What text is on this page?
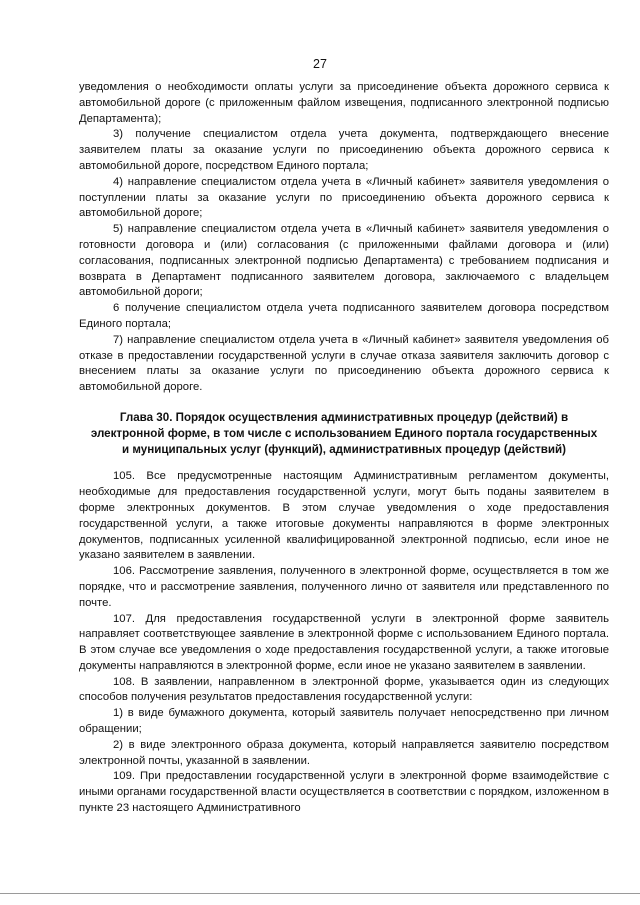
27

уведомления о необходимости оплаты услуги за присоединение объекта дорожного сервиса к автомобильной дороге (с приложенным файлом извещения, подписанного электронной подписью Департамента);

3) получение специалистом отдела учета документа, подтверждающего внесение заявителем платы за оказание услуги по присоединению объекта дорожного сервиса к автомобильной дороге, посредством Единого портала;

4) направление специалистом отдела учета в «Личный кабинет» заявителя уведомления о поступлении платы за оказание услуги по присоединению объекта дорожного сервиса к автомобильной дороге;

5) направление специалистом отдела учета в «Личный кабинет» заявителя уведомления о готовности договора и (или) согласования (с приложенными файлами договора и (или) согласования, подписанных электронной подписью Департамента) с требованием подписания и возврата в Департамент подписанного заявителем договора, заключаемого с владельцем автомобильной дороги;

6 получение специалистом отдела учета подписанного заявителем договора посредством Единого портала;

7) направление специалистом отдела учета в «Личный кабинет» заявителя уведомления об отказе в предоставлении государственной услуги в случае отказа заявителя заключить договор с внесением платы за оказание услуги по присоединению объекта дорожного сервиса к автомобильной дороге.

Глава 30. Порядок осуществления административных процедур (действий) в электронной форме, в том числе с использованием Единого портала государственных и муниципальных услуг (функций), административных процедур (действий)

105. Все предусмотренные настоящим Административным регламентом документы, необходимые для предоставления государственной услуги, могут быть поданы заявителем в форме электронных документов. В этом случае уведомления о ходе предоставления государственной услуги, а также итоговые документы направляются в форме электронных документов, подписанных усиленной квалифицированной электронной подписью, если иное не указано заявителем в заявлении.

106. Рассмотрение заявления, полученного в электронной форме, осуществляется в том же порядке, что и рассмотрение заявления, полученного лично от заявителя или представленного по почте.

107. Для предоставления государственной услуги в электронной форме заявитель направляет соответствующее заявление в электронной форме с использованием Единого портала. В этом случае все уведомления о ходе предоставления государственной услуги, а также итоговые документы направляются в электронной форме, если иное не указано заявителем в заявлении.

108. В заявлении, направленном в электронной форме, указывается один из следующих способов получения результатов предоставления государственной услуги:

1) в виде бумажного документа, который заявитель получает непосредственно при личном обращении;

2) в виде электронного образа документа, который направляется заявителю посредством электронной почты, указанной в заявлении.

109. При предоставлении государственной услуги в электронной форме взаимодействие с иными органами государственной власти осуществляется в соответствии с порядком, изложенном в пункте 23 настоящего Административного
